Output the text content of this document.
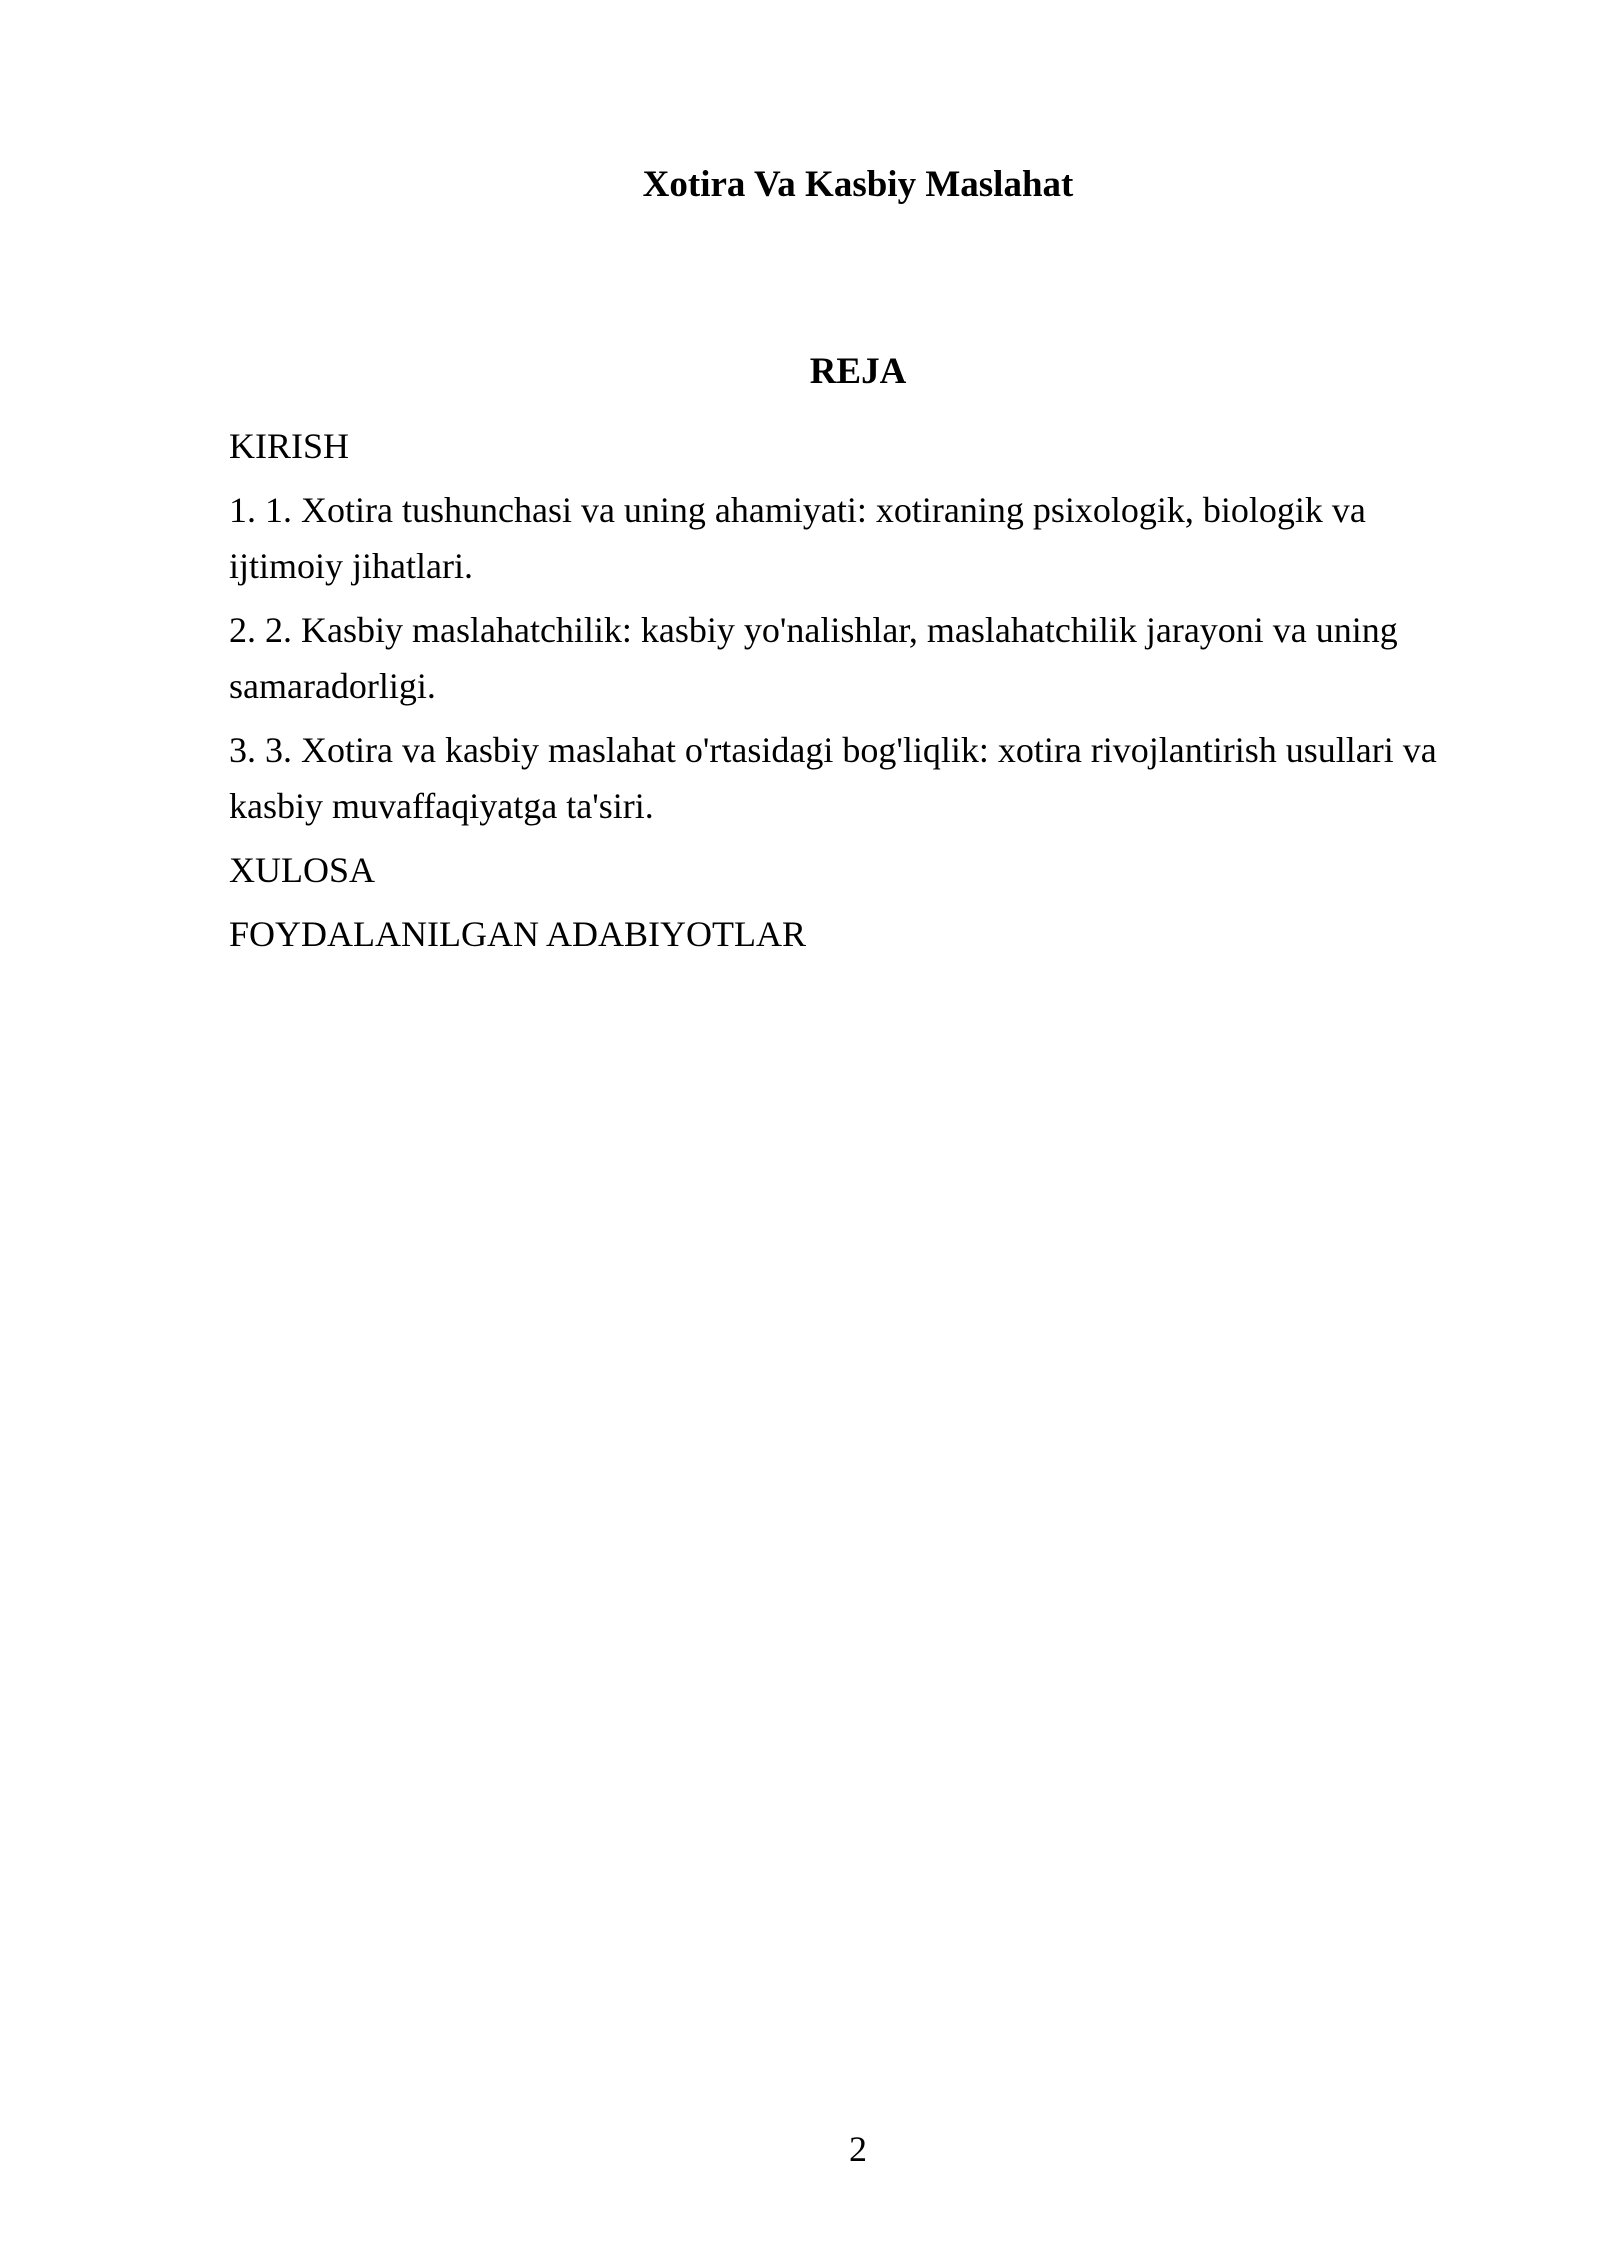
Xotira Va Kasbiy Maslahat
REJA
KIRISH
1. 1. Xotira tushunchasi va uning ahamiyati: xotiraning psixologik, biologik va ijtimoiy jihatlari.
2. 2. Kasbiy maslahatchilik: kasbiy yo'nalishlar, maslahatchilik jarayoni va uning samaradorligi.
3. 3. Xotira va kasbiy maslahat o'rtasidagi bog'liqlik: xotira rivojlantirish usullari va kasbiy muvaffaqiyatga ta'siri.
XULOSA
FOYDALANILGAN ADABIYOTLAR
2
